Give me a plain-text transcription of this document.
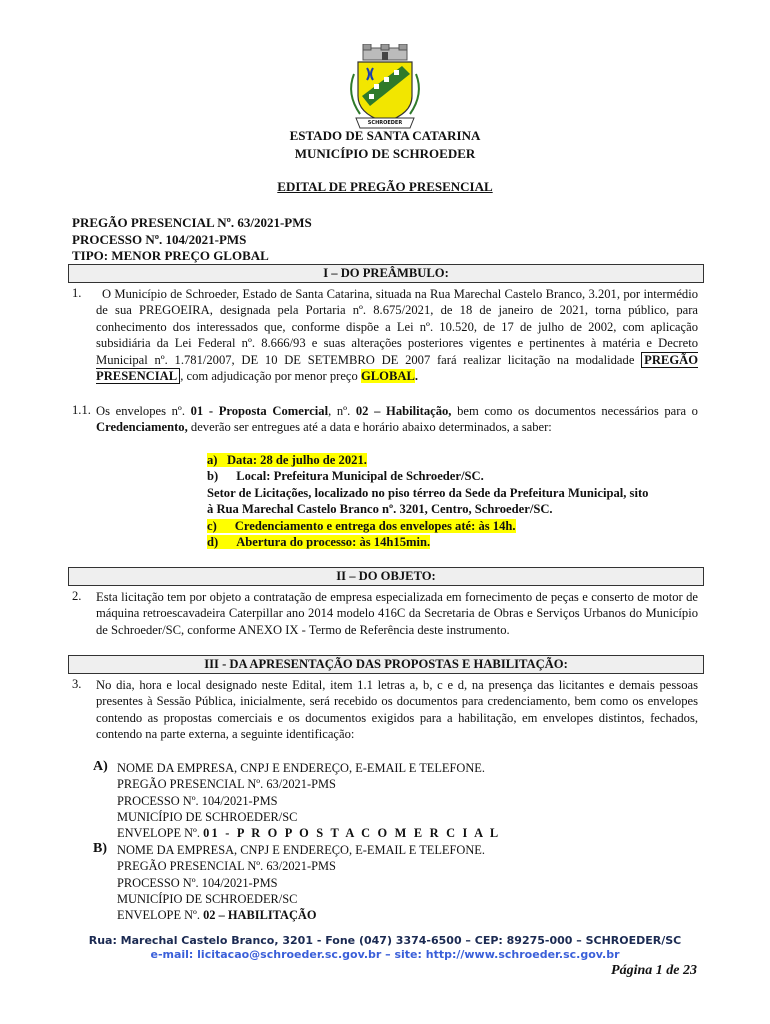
SCHROEDER
ESTADO DE SANTA CATARINA
MUNICÍPIO DE SCHROEDER
EDITAL DE PREGÃO PRESENCIAL
PREGÃO PRESENCIAL Nº. 63/2021-PMS
PROCESSO Nº. 104/2021-PMS
TIPO: MENOR PREÇO GLOBAL
I – DO PREÂMBULO:
1.	O Município de Schroeder, Estado de Santa Catarina, situada na Rua Marechal Castelo Branco, 3.201, por intermédio de sua PREGOEIRA, designada pela Portaria nº. 8.675/2021, de 18 de janeiro de 2021, torna público, para conhecimento dos interessados que, conforme dispõe a Lei nº. 10.520, de 17 de julho de 2002, com aplicação subsidiária da Lei Federal nº. 8.666/93 e suas alterações posteriores vigentes e pertinentes à matéria e Decreto Municipal nº. 1.781/2007, DE 10 DE SETEMBRO DE 2007 fará realizar licitação na modalidade PREGÃO PRESENCIAL , com adjudicação por menor preço GLOBAL.
1.1. Os envelopes nº. 01 - Proposta Comercial, nº. 02 – Habilitação, bem como os documentos necessários para o Credenciamento, deverão ser entregues até a data e horário abaixo determinados, a saber:
a) Data: 28 de julho de 2021.
b) Local: Prefeitura Municipal de Schroeder/SC.
Setor de Licitações, localizado no piso térreo da Sede da Prefeitura Municipal, sito
à Rua Marechal Castelo Branco nº. 3201, Centro, Schroeder/SC.
c) Credenciamento e entrega dos envelopes até: às 14h.
d) Abertura do processo: às 14h15min.
II – DO OBJETO:
2. Esta licitação tem por objeto a contratação de empresa especializada em fornecimento de peças e conserto de motor de máquina retroescavadeira Caterpillar ano 2014 modelo 416C da Secretaria de Obras e Serviços Urbanos do Município de Schroeder/SC, conforme ANEXO IX - Termo de Referência deste instrumento.
III - DA APRESENTAÇÃO DAS PROPOSTAS E HABILITAÇÃO:
3. No dia, hora e local designado neste Edital, item 1.1 letras a, b, c e d, na presença das licitantes e demais pessoas presentes à Sessão Pública, inicialmente, será recebido os documentos para credenciamento, bem como os envelopes contendo as propostas comerciais e os documentos exigidos para a habilitação, em envelopes distintos, fechados, contendo na parte externa, a seguinte identificação:
A) NOME DA EMPRESA, CNPJ E ENDEREÇO, E-EMAIL E TELEFONE.
PREGÃO PRESENCIAL Nº. 63/2021-PMS
PROCESSO Nº. 104/2021-PMS
MUNICÍPIO DE SCHROEDER/SC
ENVELOPE Nº. 01 - P R O P O S T A C O M E R C I A L
B) NOME DA EMPRESA, CNPJ E ENDEREÇO, E-EMAIL E TELEFONE.
PREGÃO PRESENCIAL Nº. 63/2021-PMS
PROCESSO Nº. 104/2021-PMS
MUNICÍPIO DE SCHROEDER/SC
ENVELOPE Nº. 02 – HABILITAÇÃO
Rua: Marechal Castelo Branco, 3201 - Fone (047) 3374-6500 – CEP: 89275-000 – SCHROEDER/SC
e-mail: licitacao@schroeder.sc.gov.br – site: http://www.schroeder.sc.gov.br
Página 1 de 23
